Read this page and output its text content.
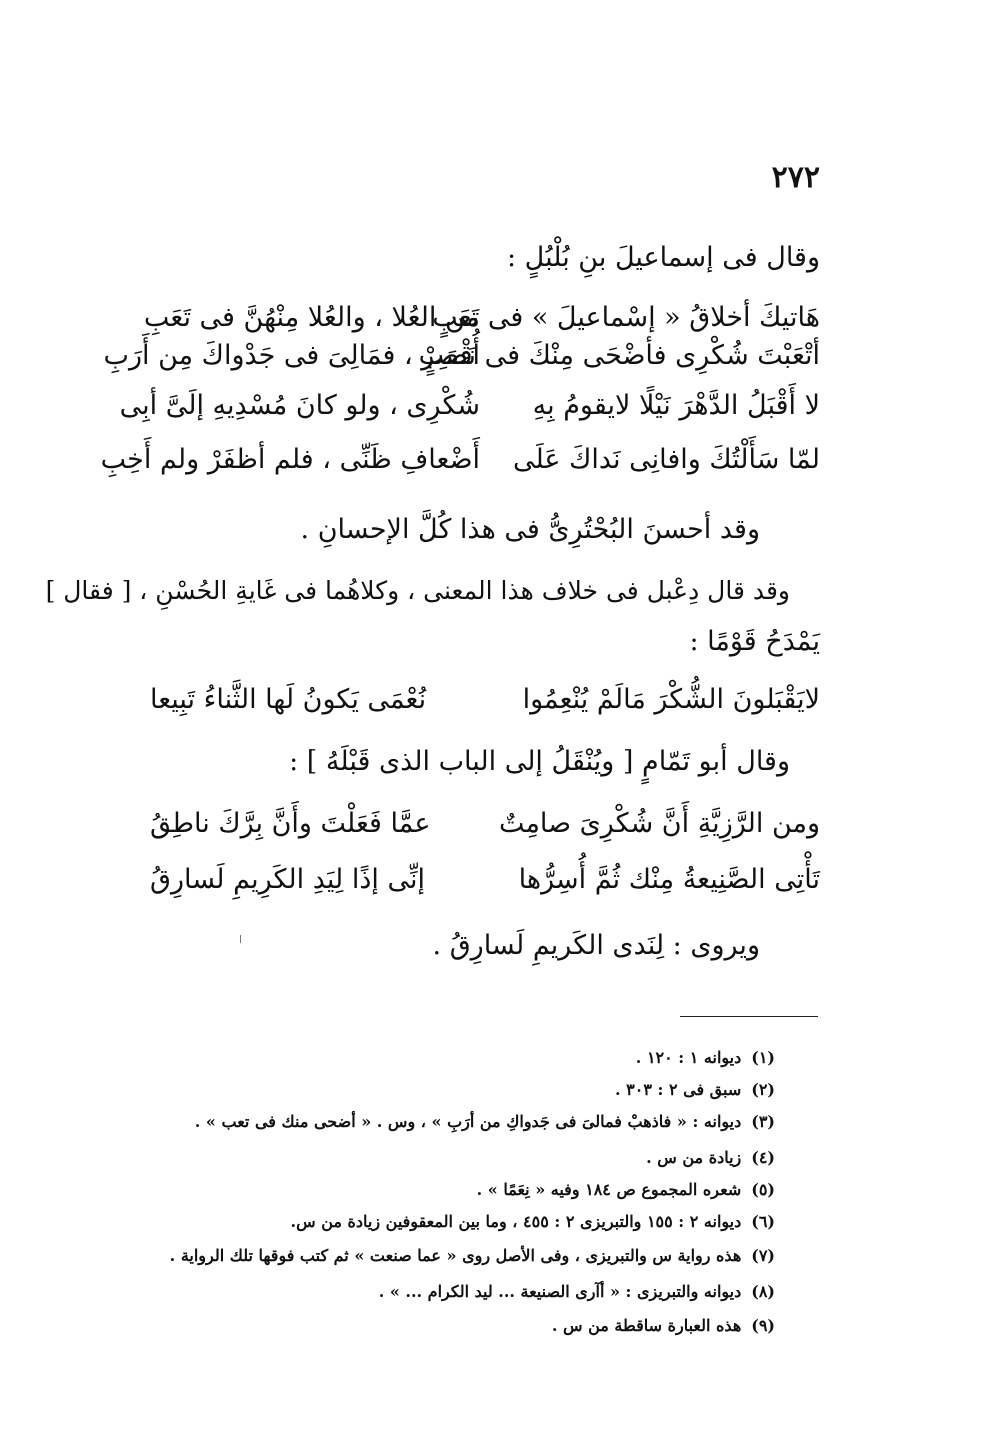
٢٧٢
وقال فى إسماعيلَ بنِ بُلْبُلٍ :
هَاتيكَ أخلاقُ « إسْماعيلَ » فى تَعَبٍ
من العُلا ، والعُلا مِنْهُنَّ فى تَعَبِ
أتْعَبْتَ شُكْرِى فأضْحَى مِنْكَ فى نَصَبٍ
أُقْصِرْ ، فمَالِىَ فى جَدْواكَ مِن أَرَبِ
لا أَقْبَلُ الدَّهْرَ نَيْلًا لايقومُ بِهِ
شُكْرِى ، ولو كانَ مُسْدِيهِ إلَىَّ أبِى
لمّا سَأَلْتُكَ وافانِى نَداكَ عَلَى
أَضْعافِ ظَنِّى ، فلم أظفَرْ ولم أَخِبِ
وقد أحسنَ البُحْتُرِىُّ فى هذا كُلَّ الإحسانِ .
وقد قال دِعْبل فى خلاف هذا المعنى ، وكلاهُما فى غَايةِ الحُسْنِ ، [ فقال ]
يَمْدَحُ قَوْمًا :
لايَقْبَلونَ الشُّكْرَ مَالَمْ يُنْعِمُوا
نُعْمَى يَكونُ لَها الثَّناءُ تَبِيعا
وقال أبو تَمّامٍ [ ويُنْقَلُ إلى الباب الذى قَبْلَهُ ] :
ومن الرَّزِيَّةِ أَنَّ شُكْرِىَ صامِتٌ
عمَّا فَعَلْتَ وأَنَّ بِرَّكَ ناطِقُ
تَأْتِى الصَّنِيعةُ مِنْك ثُمَّ أُسِرُّها
إنِّى إذًا لِيَدِ الكَرِيمِ لَسارِقُ
ويروى : لِنَدى الكَريمِ لَسارِقُ .
(١)ديوانه ١ : ١٢٠ .
(٢)سبق فى ٢ : ٣٠٣ .
(٣)ديوانه : « فاذهبْ فمالىَ فى جَدواكِ من أرَبِ » ، وس . « أضحى منك فى تعب » .
(٤)زيادة من س .
(٥)شعره المجموع ص ١٨٤ وفيه « نِعَمًا » .
(٦)ديوانه ٢ : ١٥٥ والتبريزى ٢ : ٤٥٥ ، وما بين المعقوفين زيادة من س.
(٧)هذه رواية س والتبريزى ، وفى الأصل روى « عما صنعت » ثم كتب فوقها تلك الرواية .
(٨)ديوانه والتبريزى : « أآرى الصنيعة ... ليد الكرام ... » .
(٩)هذه العبارة ساقطة من س .
